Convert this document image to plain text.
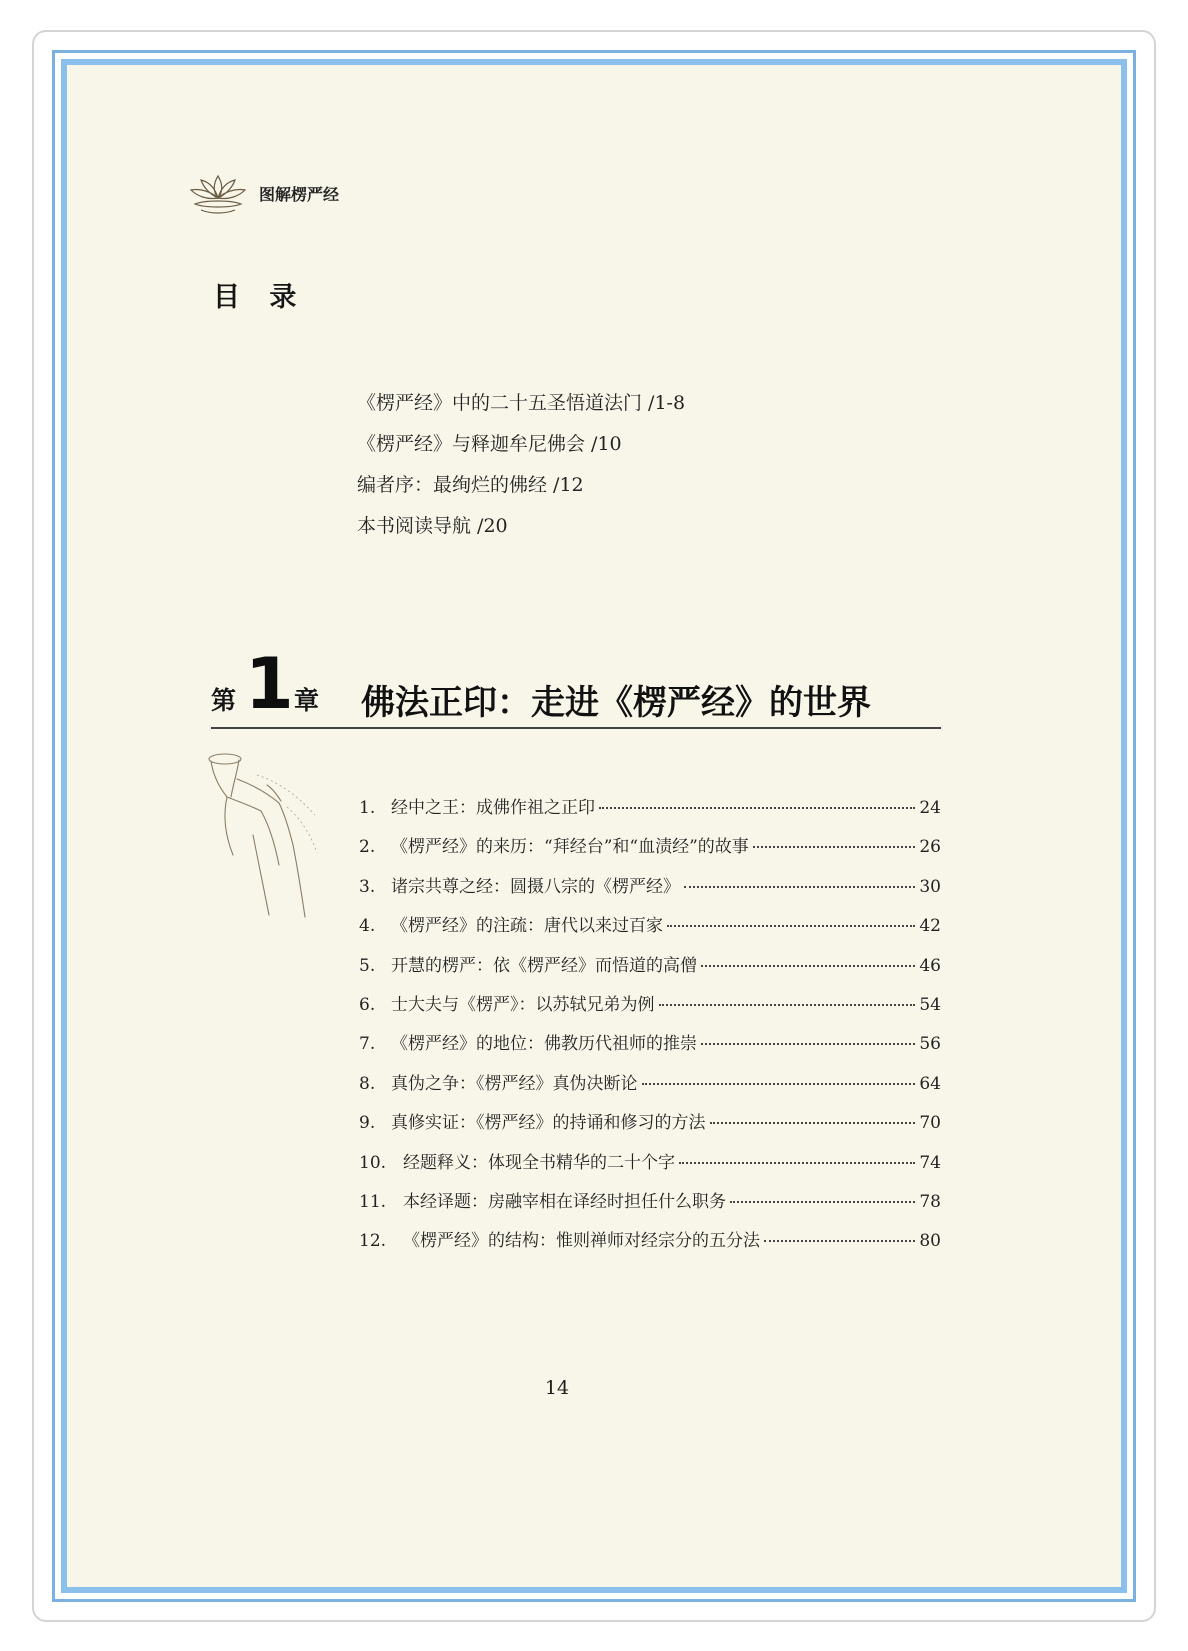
图解楞严经
目 录
《楞严经》中的二十五圣悟道法门 /1-8
《楞严经》与释迦牟尼佛会 /10
编者序：最绚烂的佛经 /12
本书阅读导航 /20
第 1 章 佛法正印：走进《楞严经》的世界
1. 经中之王：成佛作祖之正印	24
2. 《楞严经》的来历：“拜经台”和“血渍经”的故事	26
3. 诸宗共尊之经：圆摄八宗的《楞严经》	30
4. 《楞严经》的注疏：唐代以来过百家	42
5. 开慧的楞严：依《楞严经》而悟道的高僧	46
6. 士大夫与《楞严》：以苏轼兄弟为例	54
7. 《楞严经》的地位：佛教历代祖师的推崇	56
8. 真伪之争：《楞严经》真伪决断论	64
9. 真修实证：《楞严经》的持诵和修习的方法	70
10. 经题释义：体现全书精华的二十个字	74
11. 本经译题：房融宰相在译经时担任什么职务	78
12. 《楞严经》的结构：惟则禅师对经宗分的五分法	80
14
